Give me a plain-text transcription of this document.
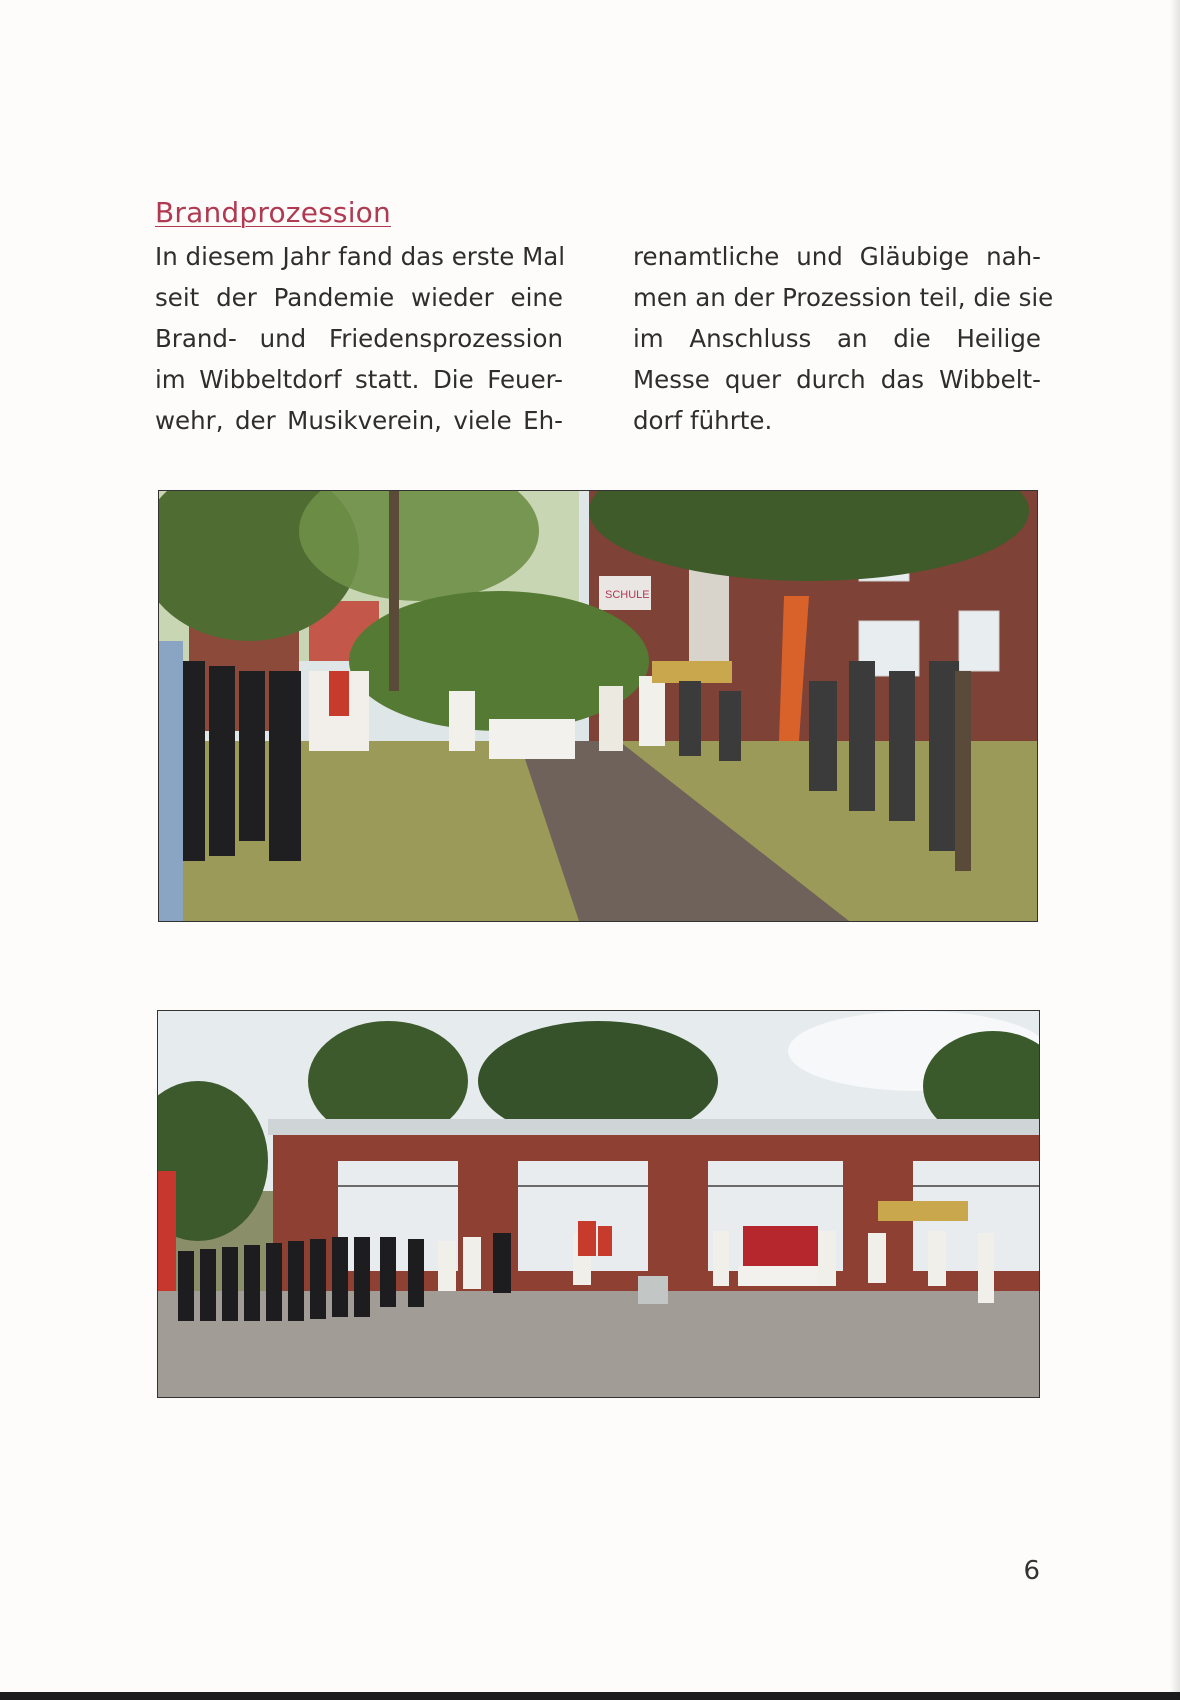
Brandprozession
In diesem Jahr fand das erste Mal
seit der Pandemie wieder eine
Brand- und Friedensprozession
im Wibbeltdorf statt. Die Feuer-
wehr, der Musikverein, viele Eh-
renamtliche und Gläubige nah-
men an der Prozession teil, die sie
im Anschluss an die Heilige
Messe quer durch das Wibbelt-
dorf führte.
SCHULE
6
